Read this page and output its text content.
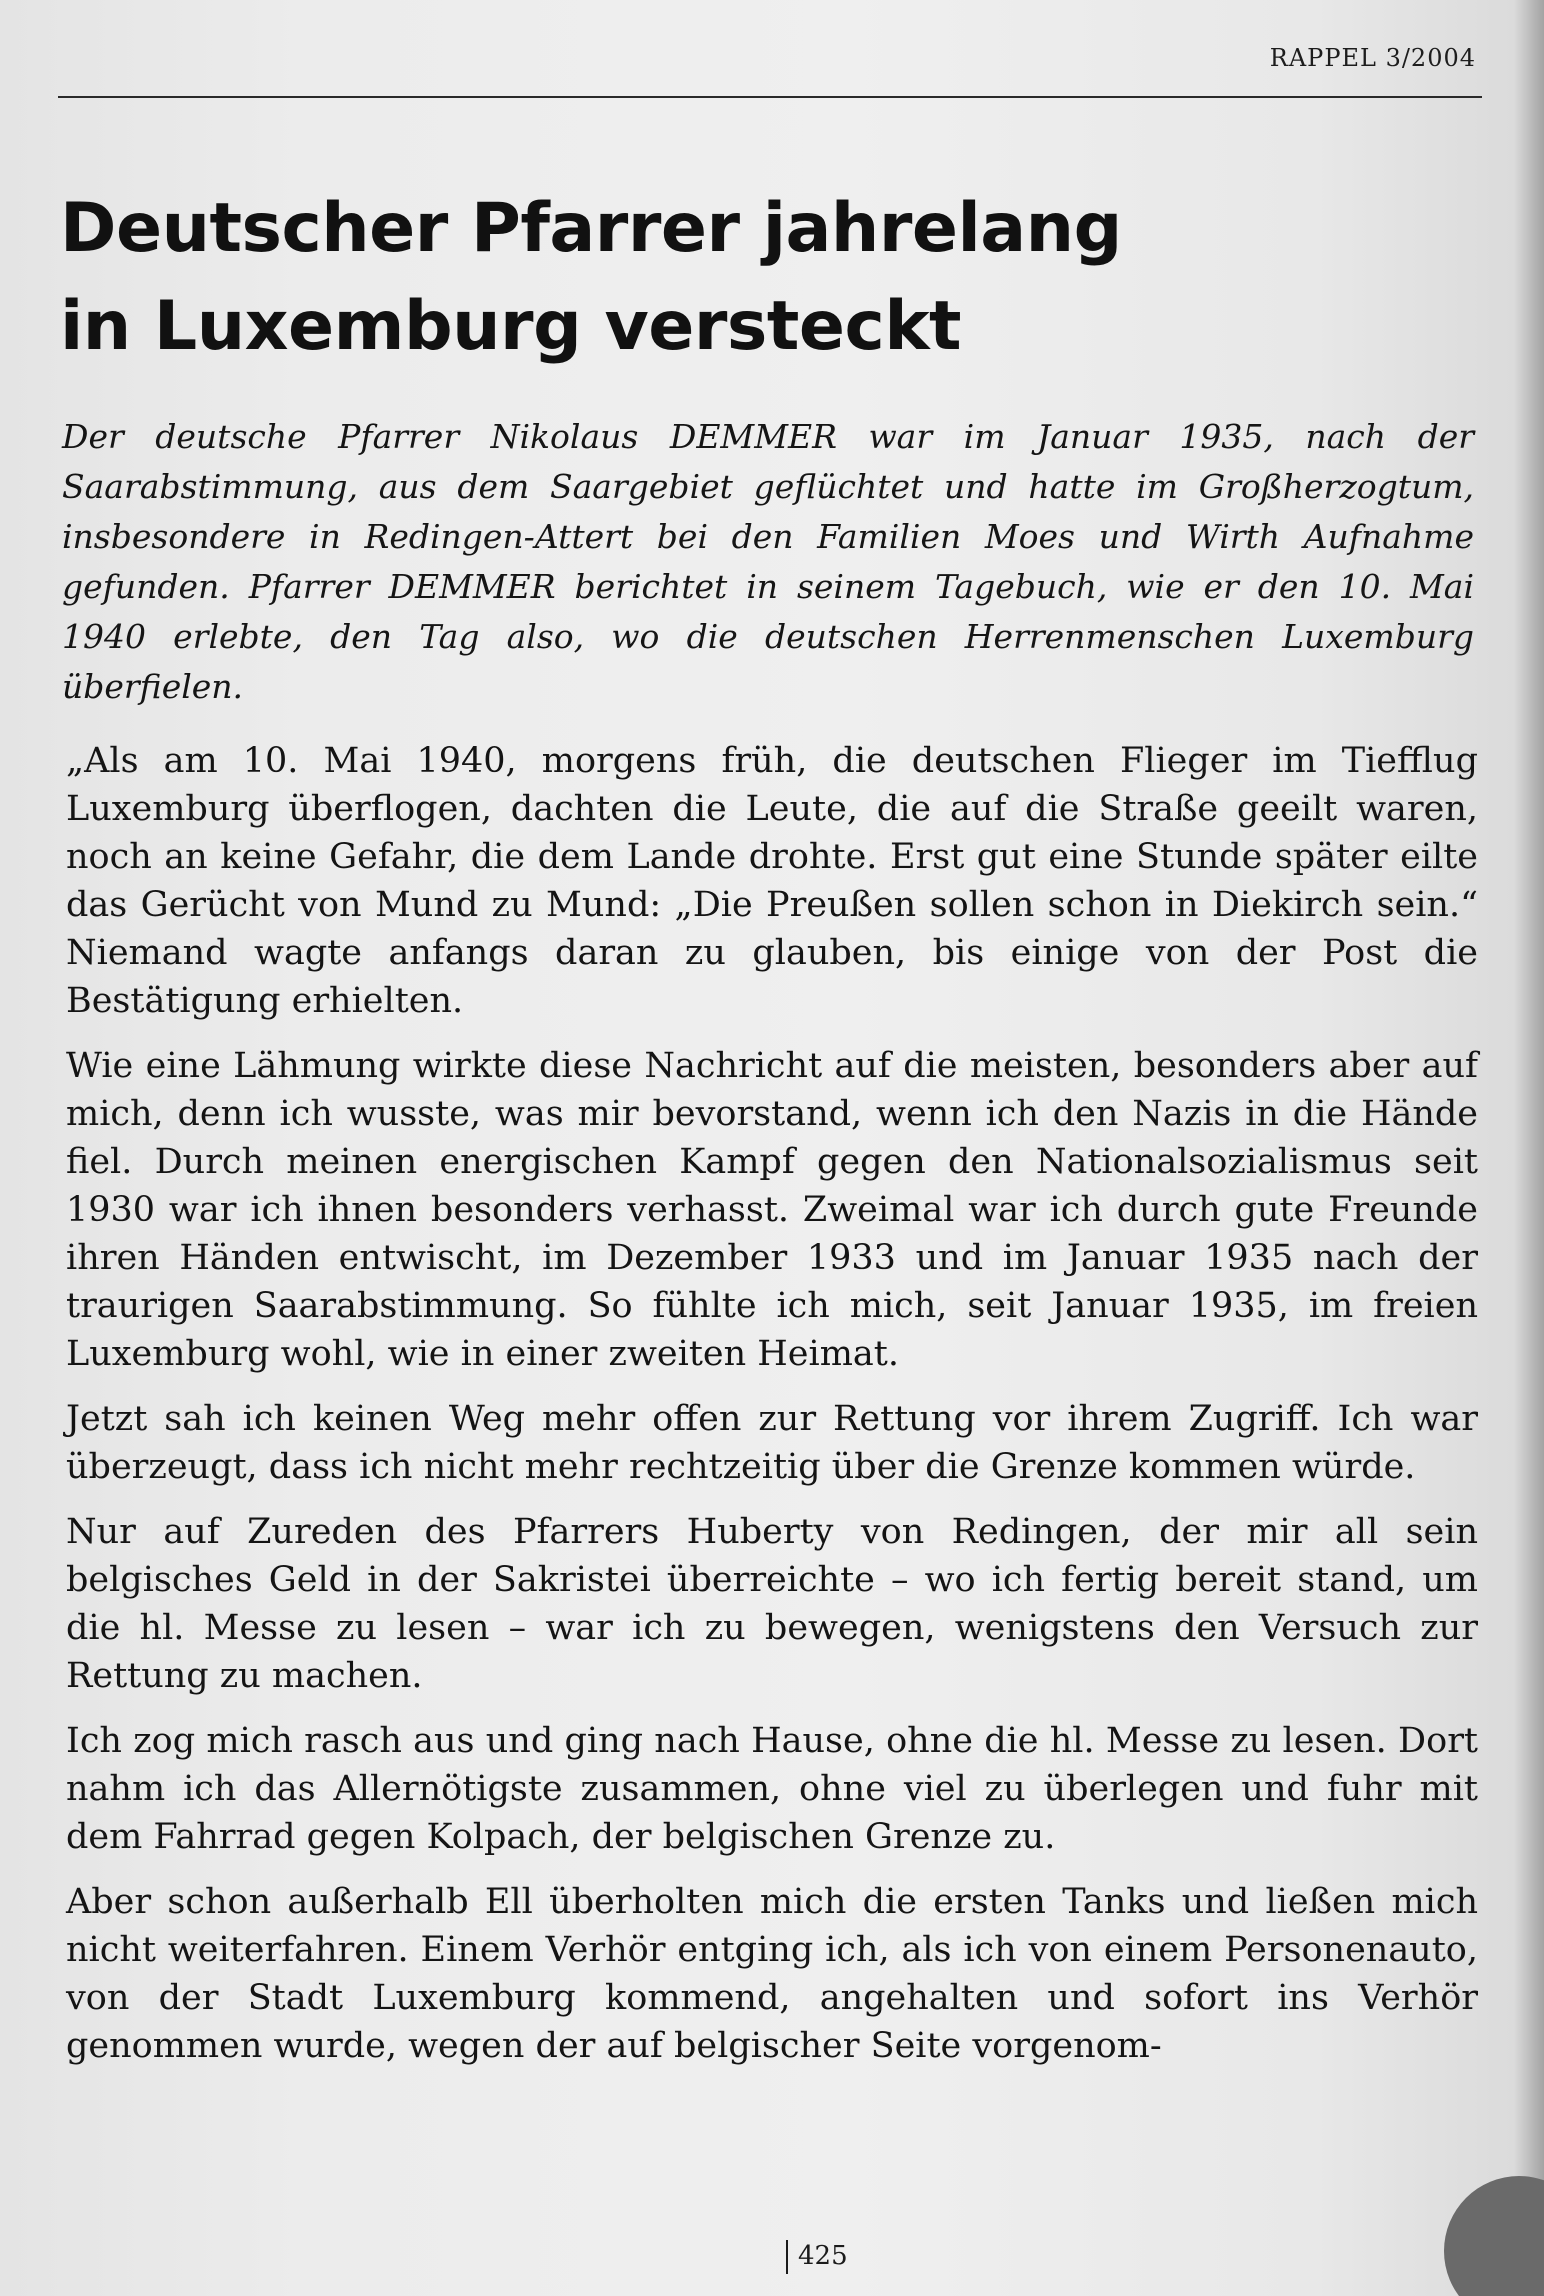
RAPPEL 3/2004
Deutscher Pfarrer jahrelang
in Luxemburg versteckt

Der deutsche Pfarrer Nikolaus DEMMER war im Januar 1935, nach der Saarabstimmung, aus dem Saargebiet geflüchtet und hatte im Großherzogtum, insbesondere in Redingen-Attert bei den Familien Moes und Wirth Aufnahme gefunden. Pfarrer DEMMER berichtet in seinem Tagebuch, wie er den 10. Mai 1940 erlebte, den Tag also, wo die deutschen Herrenmenschen Luxemburg überfielen.

„Als am 10. Mai 1940, morgens früh, die deutschen Flieger im Tiefflug Luxemburg überflogen, dachten die Leute, die auf die Straße geeilt waren, noch an keine Gefahr, die dem Lande drohte. Erst gut eine Stunde später eilte das Gerücht von Mund zu Mund: „Die Preußen sollen schon in Diekirch sein.“ Niemand wagte anfangs daran zu glauben, bis einige von der Post die Bestätigung erhielten.

Wie eine Lähmung wirkte diese Nachricht auf die meisten, besonders aber auf mich, denn ich wusste, was mir bevorstand, wenn ich den Nazis in die Hände fiel. Durch meinen energischen Kampf gegen den Nationalsozialismus seit 1930 war ich ihnen besonders verhasst. Zweimal war ich durch gute Freunde ihren Händen entwischt, im Dezember 1933 und im Januar 1935 nach der traurigen Saarabstimmung. So fühlte ich mich, seit Januar 1935, im freien Luxemburg wohl, wie in einer zweiten Heimat.

Jetzt sah ich keinen Weg mehr offen zur Rettung vor ihrem Zugriff. Ich war überzeugt, dass ich nicht mehr rechtzeitig über die Grenze kommen würde.

Nur auf Zureden des Pfarrers Huberty von Redingen, der mir all sein belgisches Geld in der Sakristei überreichte – wo ich fertig bereit stand, um die hl. Messe zu lesen – war ich zu bewegen, wenigstens den Versuch zur Rettung zu machen.

Ich zog mich rasch aus und ging nach Hause, ohne die hl. Messe zu lesen. Dort nahm ich das Allernötigste zusammen, ohne viel zu überlegen und fuhr mit dem Fahrrad gegen Kolpach, der belgischen Grenze zu.

Aber schon außerhalb Ell überholten mich die ersten Tanks und ließen mich nicht weiterfahren. Einem Verhör entging ich, als ich von einem Personenauto, von der Stadt Luxemburg kommend, angehalten und sofort ins Verhör genommen wurde, wegen der auf belgischer Seite vorgenom-

425
